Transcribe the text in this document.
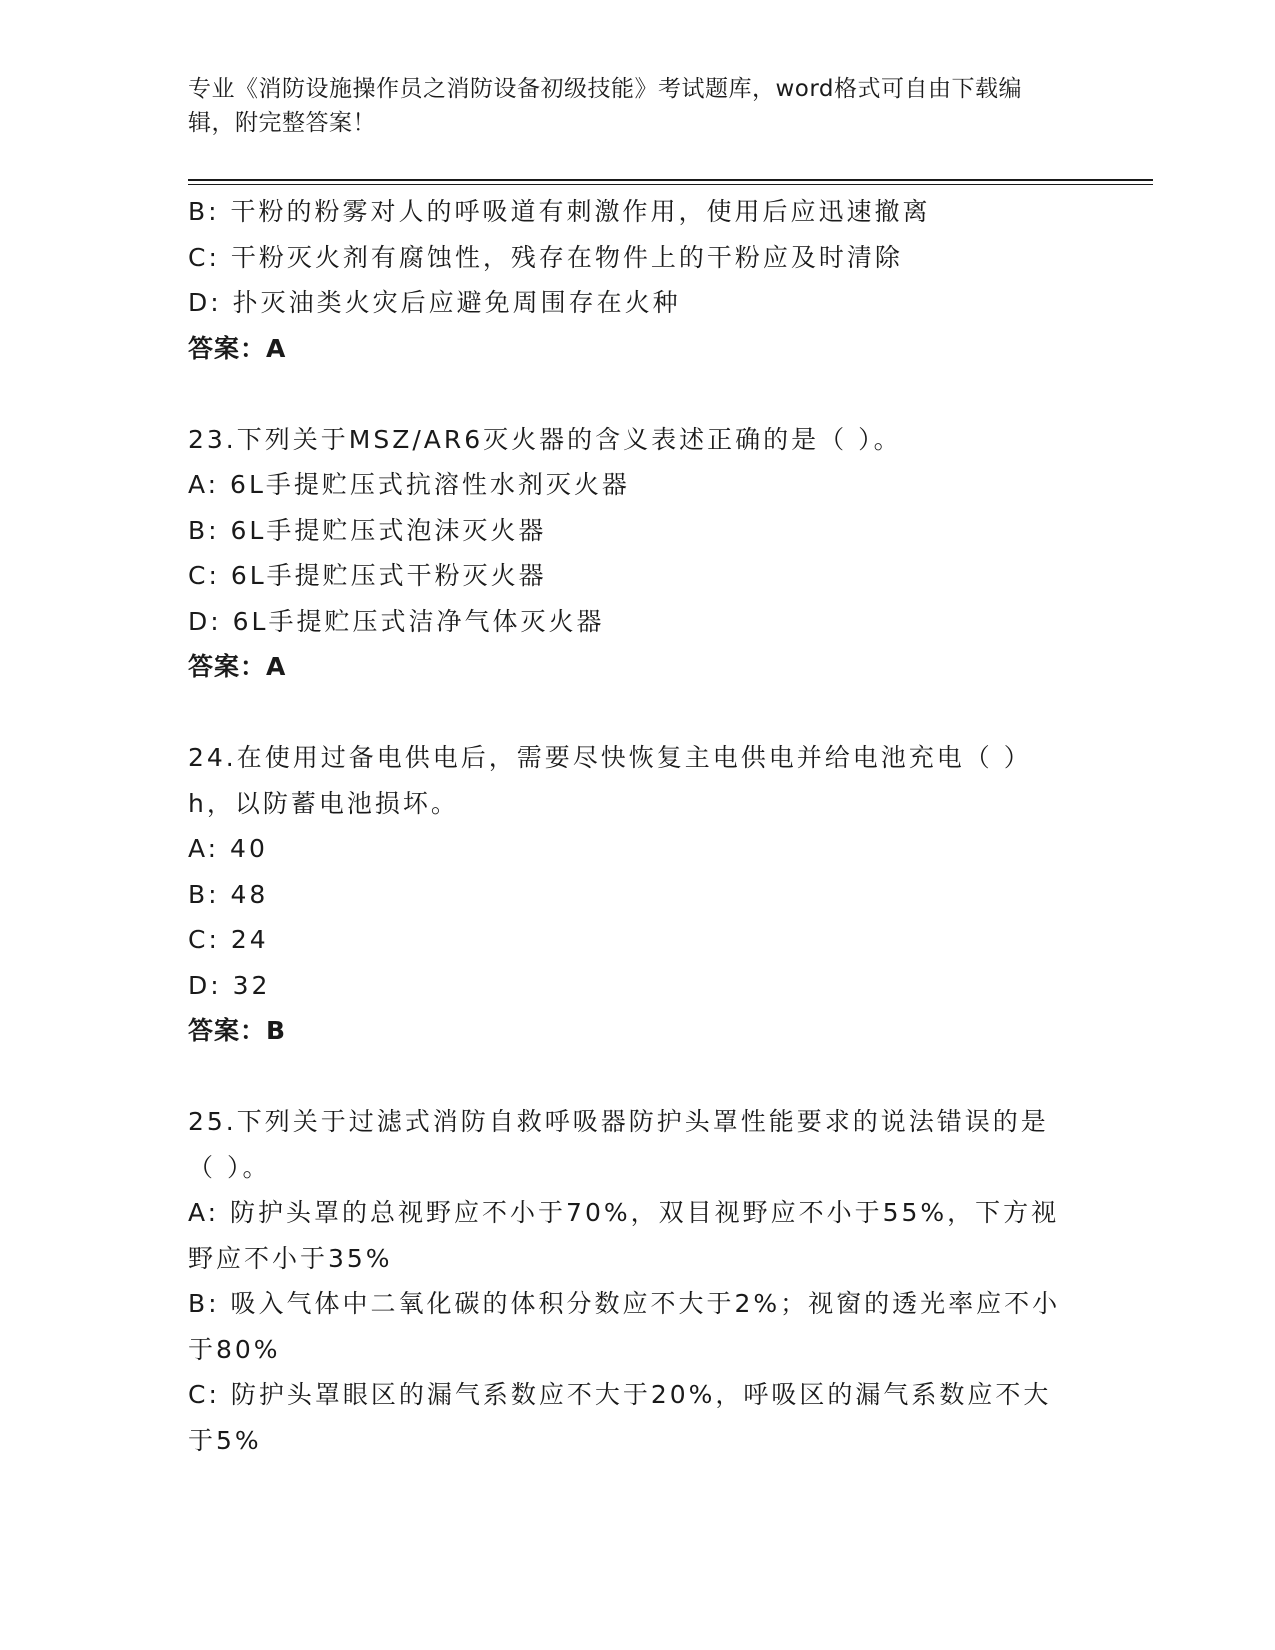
专业《消防设施操作员之消防设备初级技能》考试题库，word格式可自由下载编
辑，附完整答案！
B: 干粉的粉雾对人的呼吸道有刺激作用，使用后应迅速撤离
C: 干粉灭火剂有腐蚀性，残存在物件上的干粉应及时清除
D: 扑灭油类火灾后应避免周围存在火种
答案：A
23.下列关于MSZ/AR6灭火器的含义表述正确的是（ ）。
A: 6L手提贮压式抗溶性水剂灭火器
B: 6L手提贮压式泡沫灭火器
C: 6L手提贮压式干粉灭火器
D: 6L手提贮压式洁净气体灭火器
答案：A
24.在使用过备电供电后，需要尽快恢复主电供电并给电池充电（ ）
h，以防蓄电池损坏。
A: 40
B: 48
C: 24
D: 32
答案：B
25.下列关于过滤式消防自救呼吸器防护头罩性能要求的说法错误的是
（ ）。
A: 防护头罩的总视野应不小于70%，双目视野应不小于55%，下方视
野应不小于35%
B: 吸入气体中二氧化碳的体积分数应不大于2%；视窗的透光率应不小
于80%
C: 防护头罩眼区的漏气系数应不大于20%，呼吸区的漏气系数应不大
于5%
